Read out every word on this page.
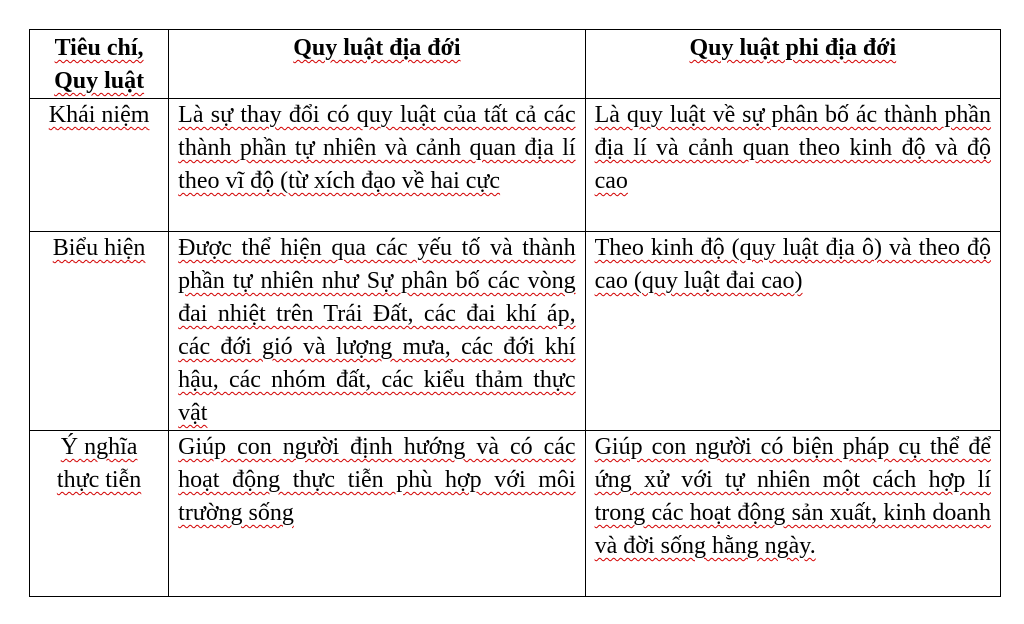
Tiêu chí, Quy luật	Quy luật địa đới	Quy luật phi địa đới
Khái niệm	Là sự thay đổi có quy luật của tất cả các thành phần tự nhiên và cảnh quan địa lí theo vĩ độ (từ xích đạo về hai cực	Là quy luật về sự phân bố ác thành phần địa lí và cảnh quan theo kinh độ và độ cao
Biểu hiện	Được thể hiện qua các yếu tố và thành phần tự nhiên như Sự phân bố các vòng đai nhiệt trên Trái Đất, các đai khí áp, các đới gió và lượng mưa, các đới khí hậu, các nhóm đất, các kiểu thảm thực vật	Theo kinh độ (quy luật địa ô) và theo độ cao (quy luật đai cao)
Ý nghĩa thực tiễn	Giúp con người định hướng và có các hoạt động thực tiễn phù hợp với môi trường sống	Giúp con người có biện pháp cụ thể để ứng xử với tự nhiên một cách hợp lí trong các hoạt động sản xuất, kinh doanh và đời sống hằng ngày.
